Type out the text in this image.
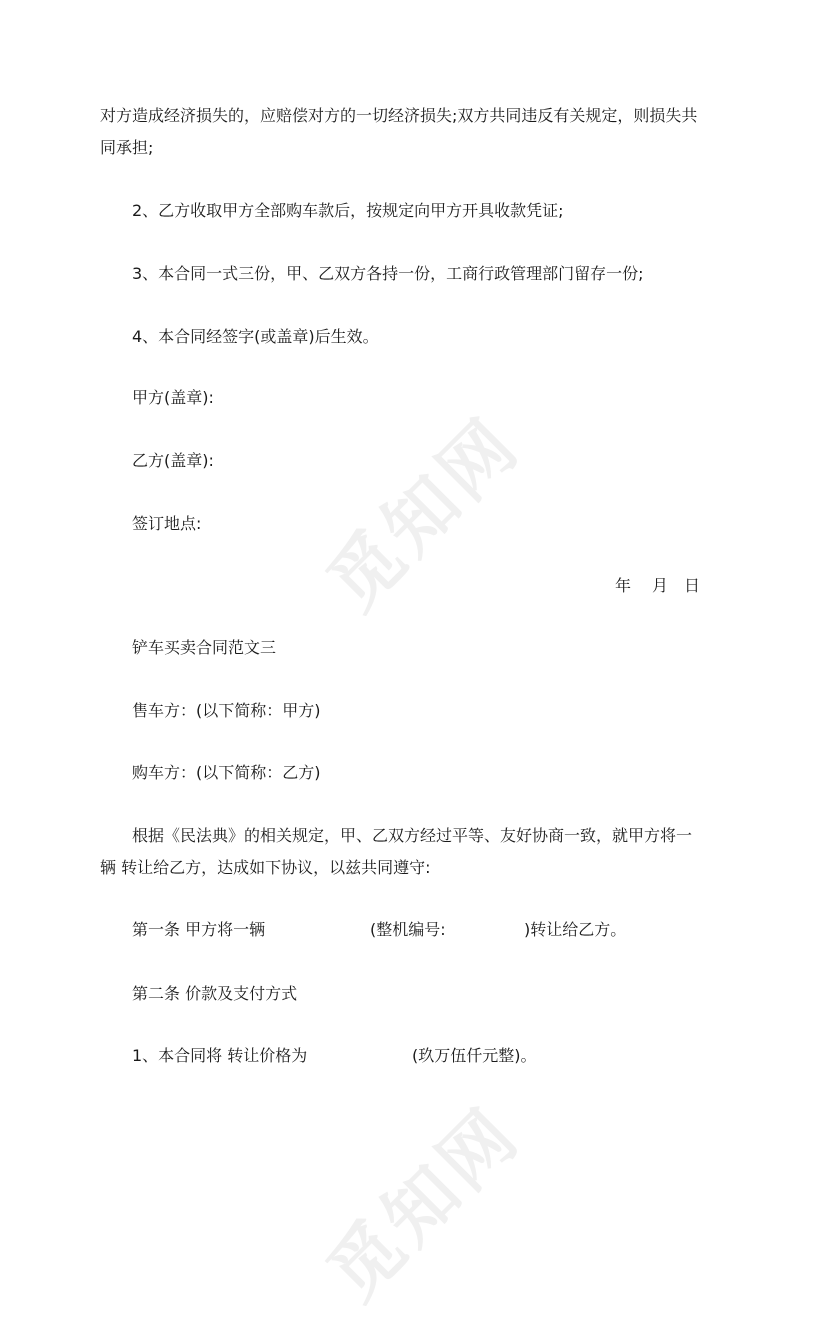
觅知网
觅知网
对方造成经济损失的，应赔偿对方的一切经济损失;双方共同违反有关规定，则损失共
同承担;
2、乙方收取甲方全部购车款后，按规定向甲方开具收款凭证;
3、本合同一式三份，甲、乙双方各持一份，工商行政管理部门留存一份;
4、本合同经签字(或盖章)后生效。
甲方(盖章):
乙方(盖章):
签订地点:
年 月 日
铲车买卖合同范文三
售车方：(以下简称：甲方)
购车方：(以下简称：乙方)
根据《民法典》的相关规定，甲、乙双方经过平等、友好协商一致，就甲方将一
辆 转让给乙方，达成如下协议，以兹共同遵守:
第一条 甲方将一辆	(整机编号:	)转让给乙方。
第二条 价款及支付方式
1、本合同将 转让价格为	(玖万伍仟元整)。
